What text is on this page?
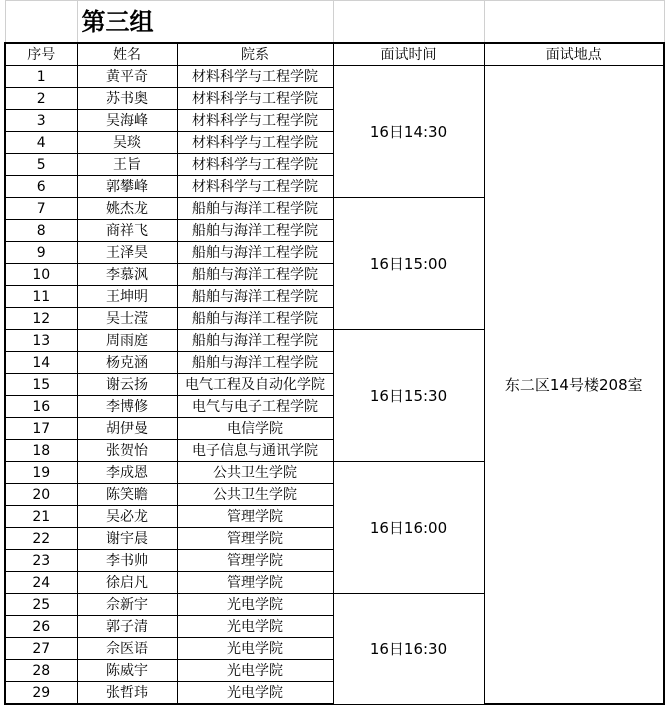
	第三组			
序号	姓名	院系	面试时间	面试地点
1	黄平奇	材料科学与工程学院	16日14:30	东二区14号楼208室
2	苏书奥	材料科学与工程学院		
3	吴海峰	材料科学与工程学院		
4	吴琰	材料科学与工程学院		
5	王旨	材料科学与工程学院		
6	郭攀峰	材料科学与工程学院		
7	姚杰龙	船舶与海洋工程学院	16日15:00	
8	商祥飞	船舶与海洋工程学院		
9	王泽昊	船舶与海洋工程学院		
10	李慕沨	船舶与海洋工程学院		
11	王坤明	船舶与海洋工程学院		
12	吴士滢	船舶与海洋工程学院		
13	周雨庭	船舶与海洋工程学院	16日15:30	
14	杨克涵	船舶与海洋工程学院		
15	谢云扬	电气工程及自动化学院		
16	李博修	电气与电子工程学院		
17	胡伊曼	电信学院		
18	张贺怡	电子信息与通讯学院		
19	李成恩	公共卫生学院	16日16:00	
20	陈笑瞻	公共卫生学院		
21	吴必龙	管理学院		
22	谢宇晨	管理学院		
23	李书帅	管理学院		
24	徐启凡	管理学院		
25	佘新宇	光电学院	16日16:30	
26	郭子清	光电学院		
27	佘医语	光电学院		
28	陈威宇	光电学院		
29	张哲玮	光电学院		
